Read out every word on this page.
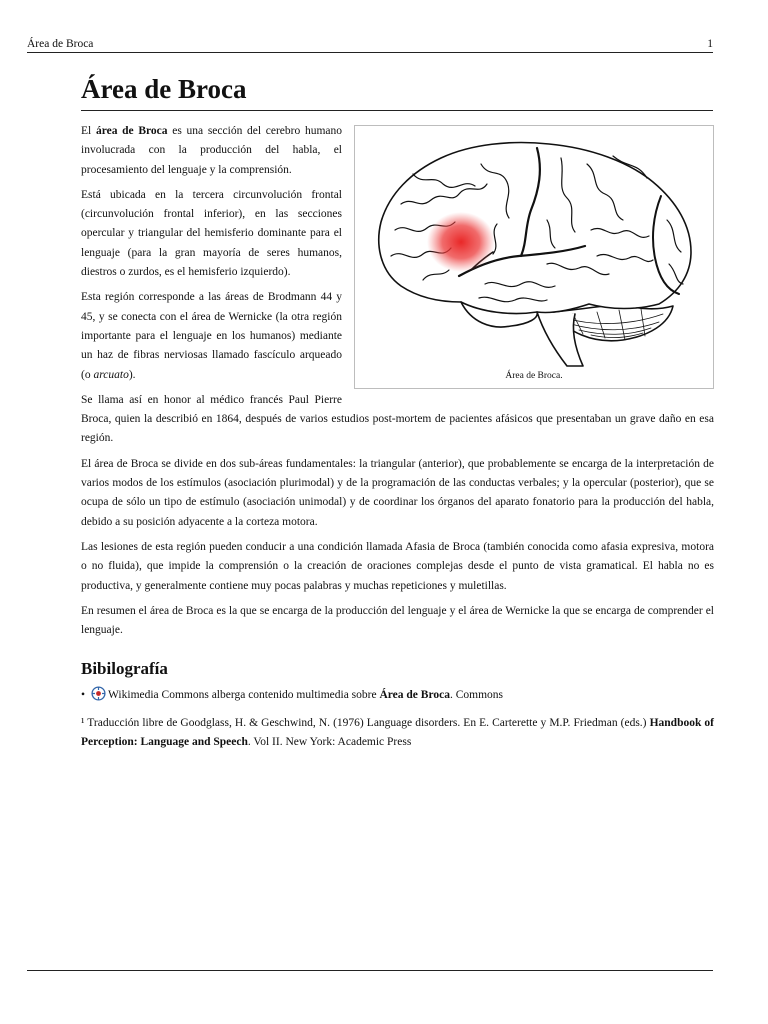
Área de Broca	1
Área de Broca
Área de Broca.

El área de Broca es una sección del cerebro humano involucrada con la producción del habla, el procesamiento del lenguaje y la comprensión.

Está ubicada en la tercera circunvolución frontal (circunvolución frontal inferior), en las secciones opercular y triangular del hemisferio dominante para el lenguaje (para la gran mayoría de seres humanos, diestros o zurdos, es el hemisferio izquierdo).

Esta región corresponde a las áreas de Brodmann 44 y 45, y se conecta con el área de Wernicke (la otra región importante para el lenguaje en los humanos) mediante un haz de fibras nerviosas llamado fascículo arqueado (o arcuato).

Se llama así en honor al médico francés Paul Pierre Broca, quien la describió en 1864, después de varios estudios post-mortem de pacientes afásicos que presentaban un grave daño en esa región.

El área de Broca se divide en dos sub-áreas fundamentales: la triangular (anterior), que probablemente se encarga de la interpretación de varios modos de los estímulos (asociación plurimodal) y de la programación de las conductas verbales; y la opercular (posterior), que se ocupa de sólo un tipo de estímulo (asociación unimodal) y de coordinar los órganos del aparato fonatorio para la producción del habla, debido a su posición adyacente a la corteza motora.

Las lesiones de esta región pueden conducir a una condición llamada Afasia de Broca (también conocida como afasia expresiva, motora o no fluida), que impide la comprensión o la creación de oraciones complejas desde el punto de vista gramatical. El habla no es productiva, y generalmente contiene muy pocas palabras y muchas repeticiones y muletillas.

En resumen el área de Broca es la que se encarga de la producción del lenguaje y el área de Wernicke la que se encarga de comprender el lenguaje.

Bibilografía

• Wikimedia Commons alberga contenido multimedia sobre Área de Broca. Commons

¹ Traducción libre de Goodglass, H. & Geschwind, N. (1976) Language disorders. En E. Carterette y M.P. Friedman (eds.) Handbook of Perception: Language and Speech. Vol II. New York: Academic Press
